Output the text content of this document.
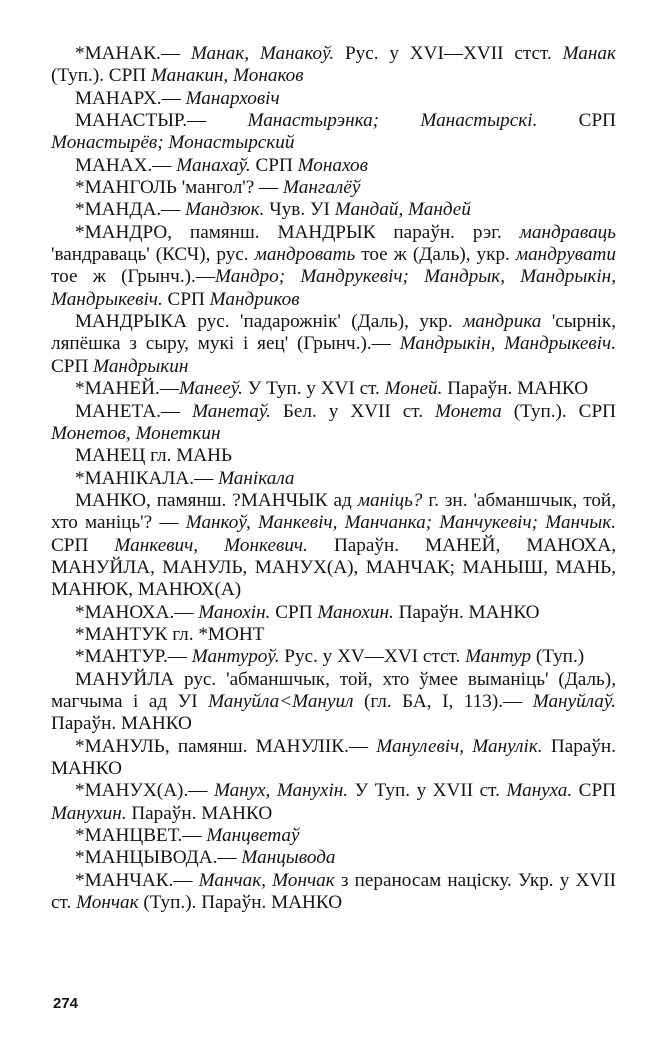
*МАНАК.— Манак, Манакоў. Рус. у XVI—XVII стст. Манак (Туп.). СРП Манакин, Монаков

МАНАРХ.— Манарховіч

МАНАСТЫР.— Манастырэнка; Манастырскі. СРП Монастырёв; Монастырский

МАНАХ.— Манахаў. СРП Монахов

*МАНГОЛЬ 'мангол'? — Мангалёў

*МАНДА.— Мандзюк. Чув. УІ Мандай, Мандей

*МАНДРО, памянш. МАНДРЫК параўн. рэг. мандраваць 'вандраваць' (КСЧ), рус. мандровать тое ж (Даль), укр. мандрувати тое ж (Грынч.).—Мандро; Мандрукевіч; Мандрык, Мандрыкін, Мандрыкевіч. СРП Мандриков

МАНДРЫКА рус. 'падарожнік' (Даль), укр. мандрика 'сырнік, ляпёшка з сыру, мукі і яец' (Грынч.).— Мандрыкін, Мандрыкевіч. СРП Мандрыкин

*МАНЕЙ.—Манееў. У Туп. у XVI ст. Моней. Параўн. МАНКО

МАНЕТА.— Манетаў. Бел. у XVII ст. Монета (Туп.). СРП Монетов, Монеткин

МАНЕЦ гл. МАНЬ

*МАНІКАЛА.— Манікала

МАНКО, памянш. ?МАНЧЫК ад маніць? г. зн. 'абманшчык, той, хто маніць'? — Манкоў, Манкевіч, Манчанка; Манчукевіч; Манчык. СРП Манкевич, Монкевич. Параўн. МАНЕЙ, МАНОХА, МАНУЙЛА, МАНУЛЬ, МАНУХ(А), МАНЧАК; МАНЫШ, МАНЬ, МАНЮК, МАНЮХ(А)

*МАНОХА.— Манохін. СРП Манохин. Параўн. МАНКО

*МАНТУК гл. *МОНТ

*МАНТУР.— Мантуроў. Рус. у XV—XVI стст. Мантур (Туп.)

МАНУЙЛА рус. 'абманшчык, той, хто ўмее выманіць' (Даль), магчыма і ад УІ Мануйла<Мануил (гл. БА, I, 113).— Мануйлаў. Параўн. МАНКО

*МАНУЛЬ, памянш. МАНУЛІК.— Манулевіч, Манулік. Параўн. МАНКО

*МАНУХ(А).— Манух, Манухін. У Туп. у XVII ст. Мануха. СРП Манухин. Параўн. МАНКО

*МАНЦВЕТ.— Манцветаў

*МАНЦЫВОДА.— Манцывода

*МАНЧАК.— Манчак, Мончак з пераносам націску. Укр. у XVII ст. Мончак (Туп.). Параўн. МАНКО

274
